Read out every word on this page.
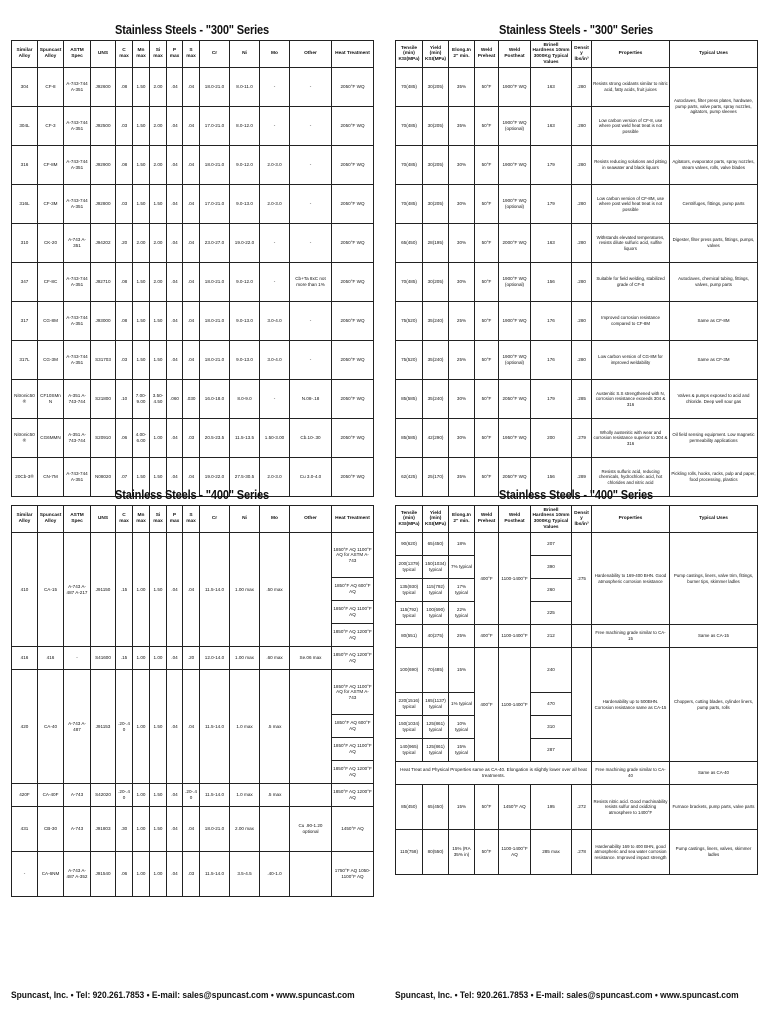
Stainless Steels - "300" Series
Similar Alloy	Spuncast Alloy	ASTM Spec	UNS	C max	Mn max	Si max	P max	S max	Cr	Ni	Mo	Other	Heat Treatment
304	CF-8	A-743-744 A-351	J92600	.08	1.50	2.00	.04	.04	18.0-21.0	8.0-11.0	-	-	2050°F WQ
304L	CF-3	A-743-744 A-351	J92500	.03	1.50	2.00	.04	.04	17.0-21.0	8.0-12.0	-	-	2050°F WQ
316	CF-8M	A-743-744 A-351	J92900	.08	1.50	2.00	.04	.04	18.0-21.0	9.0-12.0	2.0-3.0	-	2050°F WQ
316L	CF-3M	A-743-744 A-351	J92800	.03	1.50	1.50	.04	.04	17.0-21.0	9.0-13.0	2.0-3.0	-	2050°F WQ
310	CK-20	A-743 A-351	J94202	.20	2.00	2.00	.04	.04	23.0-27.0	19.0-22.0	-	-	2050°F WQ
347	CF-8C	A-743-744 A-351	J92710	.08	1.50	2.00	.04	.04	18.0-21.0	9.0-12.0	-	Cb+Ta 8xC not more than 1%	2050°F WQ
317	CG-8M	A-743-744 A-351	J93000	.08	1.50	1.50	.04	.04	18.0-21.0	9.0-13.0	3.0-4.0	-	2050°F WQ
317L	CG-3M	A-743-744 A-351	S31703	.03	1.50	1.50	.04	.04	18.0-21.0	9.0-13.0	3.0-4.0	-	2050°F WQ
Nitronic50®	CF10SMnN	A-351 A-743-744	S21800	.10	7.00-9.00	3.50-4.50	.060	.030	16.0-18.0	8.0-9.0	-	N.08-.18	2050°F WQ
Nitronic50®	CG6MMN	A-351 A-743-744	S20910	.06	4.00-6.00	1.00	.04	.03	20.5-23.5	11.5-13.5	1.50-3.00	Cb.10-.30	2050°F WQ
20Cb-3®	CN-7M	A-743-744 A-351	N08020	.07	1.50	1.50	.04	.04	19.0-22.0	27.5-30.5	2.0-3.0	Cu 3.0-4.0	2050°F WQ
Stainless Steels - "300" Series
Tensile (min) KSI(MPa)	Yield (min) KSI(MPa)	Elong.In 2" min.	Weld Preheat	Weld Postheat	Brinell Hardness 10mm 3000Kg Typical Values	Density lbs/in³	Properties	Typical Uses
70(485)	30(205)	35%	50°F	1900°F WQ	163	.280	Resists strong oxidants similar to nitric acid, fatty acids, fruit juices	Autoclaves, filter press plates, hardware, pump parts, valve parts, spray nozzles, agitators, pump sleeves
70(485)	30(205)	35%	50°F	1900°F WQ (optional)	163	.280	Low carbon version of CF-8, use where post weld heat treat is not possible	
70(485)	30(205)	30%	50°F	1900°F WQ	179	.280	Resists reducing solutions and pitting in seawater and black liquors	Agitators, evaporator parts, spray nozzles, steam valves, rolls, valve blades
70(485)	30(205)	30%	50°F	1900°F WQ (optional)	179	.280	Low carbon version of CF-8M, use where post weld heat treat is not possible	Centrifuges, fittings, pump parts
65(450)	28(195)	30%	50°F	2000°F WQ	163	.280	Withstands elevated temperatures, resists dilute sulfuric acid, sulfite liquors	Digester, filter press parts, fittings, pumps, valves
70(485)	30(205)	30%	50°F	1900°F WQ (optional)	156	.280	Suitable for field welding, stabilized grade of CF-8	Autoclaves, chemical tubing, fittings, valves, pump parts
75(520)	35(240)	25%	50°F	1900°F WQ	176	.280	Improved corrosion resistance compared to CF-8M	Same as CF-8M
75(520)	35(240)	25%	50°F	1900°F WQ (optional)	176	.280	Low carbon version of CG-8M for improved weldability	Same as CF-3M
85(585)	35(240)	30%	50°F	2050°F WQ	179	.285	Austenitic S.S strengthened with N, corrosion resistance exceeds 304 & 316	Valves & pumps exposed to acid and chloride. Deep well sour gas
85(585)	42(290)	30%	50°F	1950°F WQ	200	.279	Wholly austenitic with wear and corrosion resistance superior to 304 & 316	Oil field sensing equipment. Low magnetic permeability applications
62(425)	25(170)	35%	50°F	2050°F WQ	156	.289	Resists sulfuric acid, reducing chemicals, hydrochloric acid, hot chlorides and nitric acid	Pickling rolls, hooks, racks, pulp and paper, food processing, plastics
Stainless Steels - "400" Series
Similar Alloy	Spuncast Alloy	ASTM Spec	UNS	C max	Mn max	Si max	P max	S max	Cr	Ni	Mo	Other	Heat Treatment
410	CA-15	A-743 A-487 A-217	J91150	.15	1.00	1.50	.04	.04	11.5-14.0	1.00 max	.50 max		1850°F AQ 1100°F AQ for ASTM A-743
													1850°F AQ 600°F AQ
													1850°F AQ 1100°F AQ
													1850°F AQ 1200°F AQ
416	416	-	S41600	.15	1.00	1.00	.04	.20	12.0-14.0	1.00 max	.60 max	Se.06 max	1850°F AQ 1200°F AQ
420	CA-40	A-743 A-487	J91153	.20-.40	1.00	1.50	.04	.04	11.5-14.0	1.0 max	.5 max		1850°F AQ 1100°F AQ for ASTM A-743
													1850°F AQ 600°F AQ
													1850°F AQ 1100°F AQ
													1850°F AQ 1200°F AQ
420F	CA-40F	A-743	S42020	.20-.40	1.00	1.50	.04	.20-.40	11.5-14.0	1.0 max	.5 max		1850°F AQ 1200°F AQ
431	CB-30	A-743	J91803	.30	1.00	1.50	.04	.04	18.0-21.0	2.00 max		Cu .90-1.20 optional	1450°F AQ
-	CA-6NM	A-743 A-487 A-352	J91540	.06	1.00	1.00	.04	.03	11.5-14.0	3.5-4.5	.40-1.0		1750°F AQ 1050-1100°F AQ
Stainless Steels - "400" Series
Tensile (min) KSI(MPa)	Yield (min) KSI(MPa)	Elong.In 2" min.	Weld Preheat	Weld Postheat	Brinell Hardness 10mm 3000Kg Typical Values	Density lbs/in³	Properties	Typical Uses
90(620)	65(450)	18%	400°F	1100-1400°F	207	.275	Hardenability to 169-400 BHN. Good atmospheric corrosion resistance	Pump castings, liners, valve trim, fittings, burner tips, skimmer ladles
200(1379) typical	150(1034) typical	7% typical			390			
135(930) typical	115(792) typical	17% typical			260			
115(792) typical	100(690) typical	22% typical			225			
80(551)	40(275)	25%	400°F	1100-1400°F	212		Free machining grade similar to CA-15	Same as CA-15
100(690)	70(485)	15%	400°F	1100-1400°F	240		Hardenability up to 500BHN. Corrosion resistance same as CA-15	Choppers, cutting blades, cylinder liners, pump parts, rolls
220(1516) typical	165(1137) typical	1% typical			470			
150(1034) typical	125(861) typical	10% typical			310			
140(965) typical	125(861) typical	15% typical			287			
Heat Treat and Physical Properties same as CA-40. Elongation is slightly lower over all heat treatments.							Free machining grade similar to CA-40	Same as CA-40
85(450)	65(450)	15%	50°F	1450°F AQ	195	.272	Resists nitric acid. Good machinability resists sulfur and oxidizing atmosphere to 1400°F	Furnace brackets, pump parts, valve parts
110(758)	80(550)	15% (RA 35% in)	50°F	1100-1400°F AQ	285 max	.278	Hardenability 169 to 400 BHN, good atmospheric and sea water corrosion resistance. Improved impact strength	Pump castings, liners, valves, skimmer ladles
Spuncast, Inc. • Tel: 920.261.7853 • E-mail: sales@spuncast.com • www.spuncast.com	Spuncast, Inc. • Tel: 920.261.7853 • E-mail: sales@spuncast.com • www.spuncast.com
